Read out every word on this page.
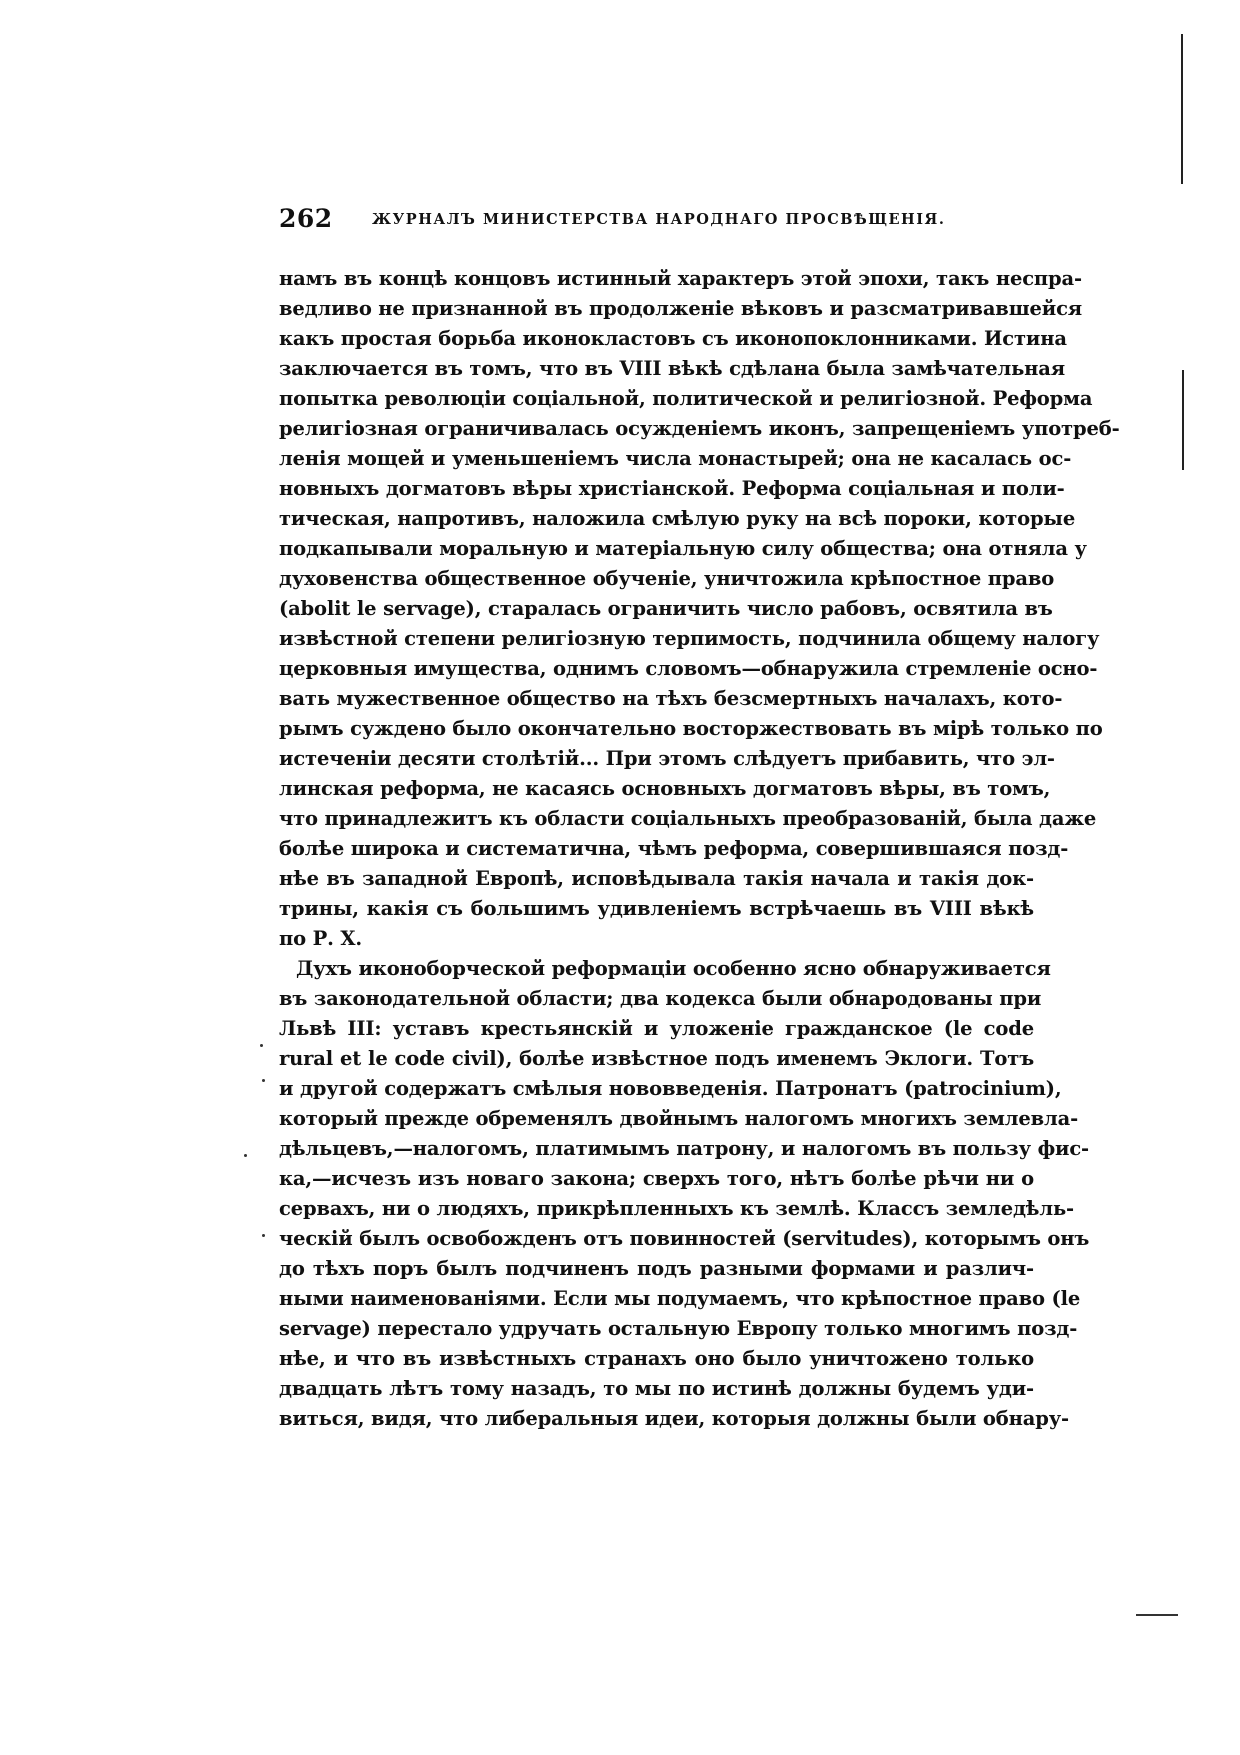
262	ЖУРНАЛЪ МИНИСТЕРСТВА НАРОДНАГО ПРОСВѢЩЕНІЯ.
намъ въ концѣ концовъ истинный характеръ этой эпохи, такъ неспра-
ведливо не признанной въ продолженіе вѣковъ и разсматривавшейся
какъ простая борьба иконокластовъ съ иконопоклонниками. Истина
заключается въ томъ, что въ VIII вѣкѣ сдѣлана была замѣчательная
попытка революціи соціальной, политической и религіозной. Реформа
религіозная ограничивалась осужденіемъ иконъ, запрещеніемъ употреб-
ленія мощей и уменьшеніемъ числа монастырей; она не касалась ос-
новныхъ догматовъ вѣры христіанской. Реформа соціальная и поли-
тическая, напротивъ, наложила смѣлую руку на всѣ пороки, которые
подкапывали моральную и матеріальную силу общества; она отняла у
духовенства общественное обученіе, уничтожила крѣпостное право
(abolit le servage), старалась ограничить число рабовъ, освятила въ
извѣстной степени религіозную терпимость, подчинила общему налогу
церковныя имущества, однимъ словомъ—обнаружила стремленіе осно-
вать мужественное общество на тѣхъ безсмертныхъ началахъ, кото-
рымъ суждено было окончательно восторжествовать въ мірѣ только по
истеченіи десяти столѣтій... При этомъ слѣдуетъ прибавить, что эл-
линская реформа, не касаясь основныхъ догматовъ вѣры, въ томъ,
что принадлежитъ къ области соціальныхъ преобразованій, была даже
болѣе широка и систематична, чѣмъ реформа, совершившаяся позд-
нѣе въ западной Европѣ, исповѣдывала такія начала и такія док-
трины, какія съ большимъ удивленіемъ встрѣчаешь въ VIII вѣкѣ
по Р. Х.
Духъ иконоборческой реформаціи особенно ясно обнаруживается
въ законодательной области; два кодекса были обнародованы при
Львѣ III: уставъ крестьянскій и уложеніе гражданское (le code
rural et le code civil), болѣе извѣстное подъ именемъ Эклоги. Тотъ
и другой содержатъ смѣлыя нововведенія. Патронатъ (patrocinium),
который прежде обременялъ двойнымъ налогомъ многихъ землевла-
дѣльцевъ,—налогомъ, платимымъ патрону, и налогомъ въ пользу фис-
ка,—исчезъ изъ новаго закона; сверхъ того, нѣтъ болѣе рѣчи ни о
сервахъ, ни о людяхъ, прикрѣпленныхъ къ землѣ. Классъ земледѣль-
ческій былъ освобожденъ отъ повинностей (servitudes), которымъ онъ
до тѣхъ поръ былъ подчиненъ подъ разными формами и различ-
ными наименованіями. Если мы подумаемъ, что крѣпостное право (le
servage) перестало удручать остальную Европу только многимъ позд-
нѣе, и что въ извѣстныхъ странахъ оно было уничтожено только
двадцать лѣтъ тому назадъ, то мы по истинѣ должны будемъ уди-
виться, видя, что либеральныя идеи, которыя должны были обнару-
